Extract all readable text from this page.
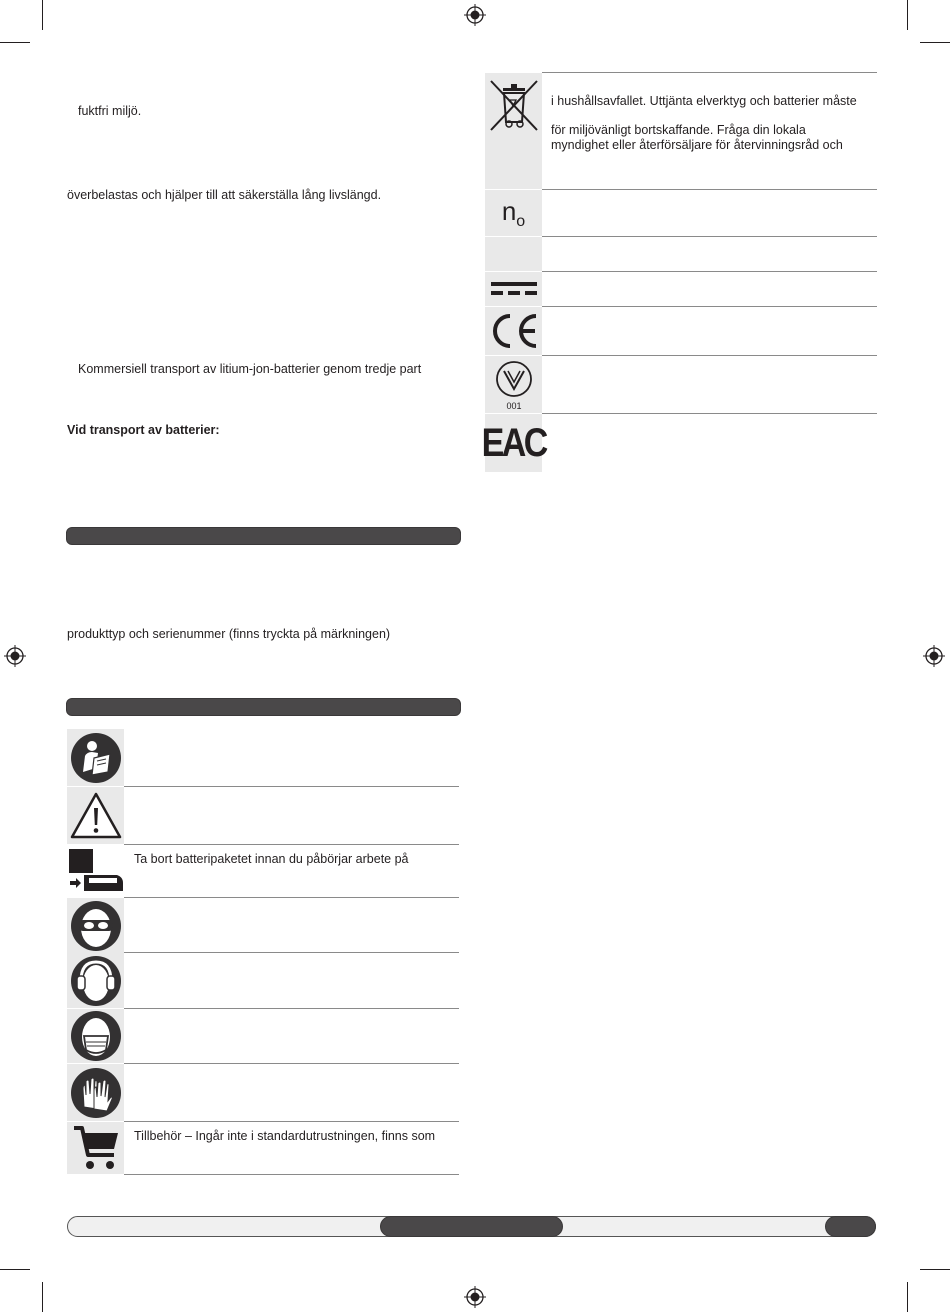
fuktfri miljö.
överbelastas och hjälper till att säkerställa lång livslängd.
Kommersiell transport av litium-jon-batterier genom tredje part
Vid transport av batterier:
produkttyp och serienummer (finns tryckta på märkningen)
Ta bort batteripaketet innan du påbörjar arbete på
Tillbehör – Ingår inte i standardutrustningen, finns som
i hushållsavfallet. Uttjänta elverktyg och batterier måste
för miljövänligt bortskaffande. Fråga din lokala
myndighet eller återförsäljare för återvinningsråd och
$n_o$
001
EAC
